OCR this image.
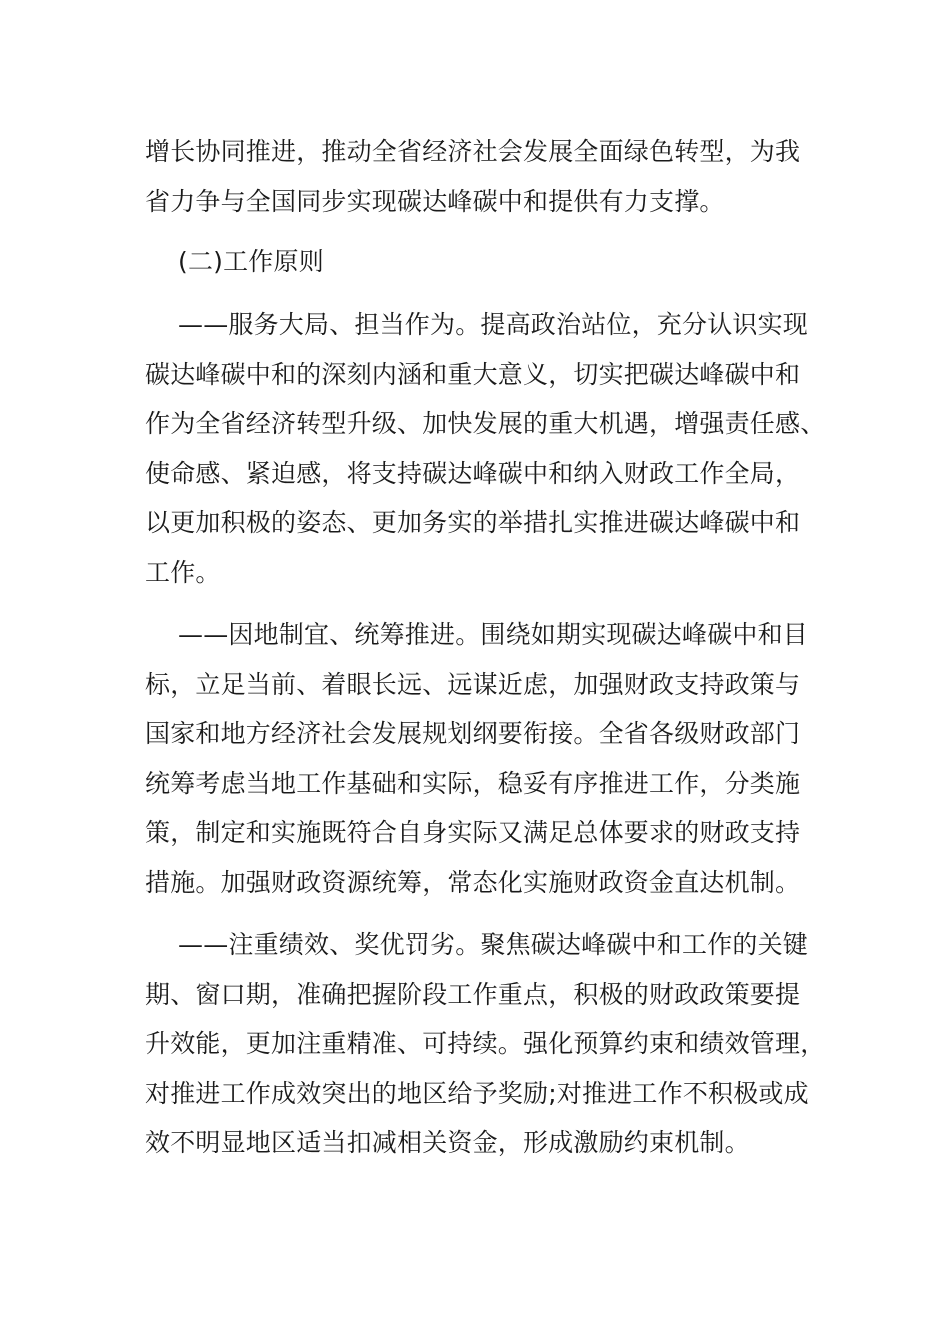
增长协同推进，推动全省经济社会发展全面绿色转型，为我
省力争与全国同步实现碳达峰碳中和提供有力支撑。
(二)工作原则
——服务大局、担当作为。提高政治站位，充分认识实现
碳达峰碳中和的深刻内涵和重大意义，切实把碳达峰碳中和
作为全省经济转型升级、加快发展的重大机遇，增强责任感、
使命感、紧迫感，将支持碳达峰碳中和纳入财政工作全局，
以更加积极的姿态、更加务实的举措扎实推进碳达峰碳中和
工作。
——因地制宜、统筹推进。围绕如期实现碳达峰碳中和目
标，立足当前、着眼长远、远谋近虑，加强财政支持政策与
国家和地方经济社会发展规划纲要衔接。全省各级财政部门
统筹考虑当地工作基础和实际，稳妥有序推进工作，分类施
策，制定和实施既符合自身实际又满足总体要求的财政支持
措施。加强财政资源统筹，常态化实施财政资金直达机制。
——注重绩效、奖优罚劣。聚焦碳达峰碳中和工作的关键
期、窗口期，准确把握阶段工作重点，积极的财政政策要提
升效能，更加注重精准、可持续。强化预算约束和绩效管理，
对推进工作成效突出的地区给予奖励;对推进工作不积极或成
效不明显地区适当扣减相关资金，形成激励约束机制。
